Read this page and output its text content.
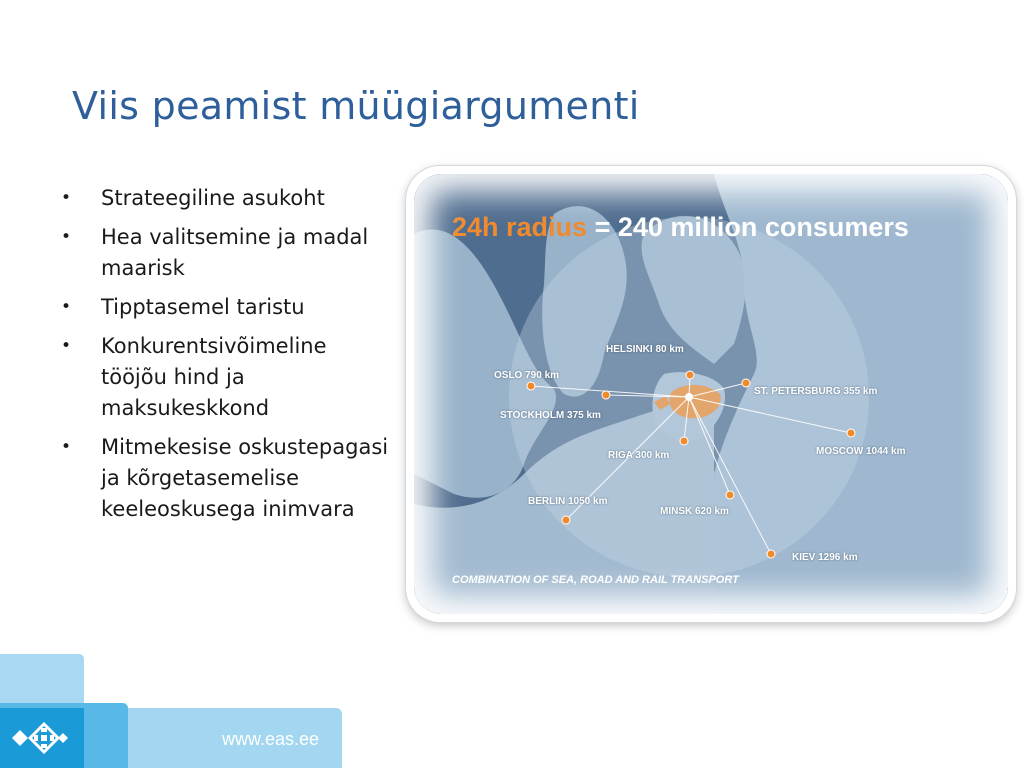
Viis peamist müügiargumenti
• Strateegiline asukoht
• Hea valitsemine ja madal maarisk
• Tipptasemel taristu
• Konkurentsivõimeline tööjõu hind ja maksukeskkond
• Mitmekesise oskustepagasi ja kõrgetasemelise keeleoskusega inimvara
24h radius = 240 million consumers
HELSINKI 80 km
OSLO 790 km
ST. PETERSBURG 355 km
STOCKHOLM 375 km
RIGA 300 km	MOSCOW 1044 km
BERLIN 1050 km
MINSK 620 km
KIEV 1296 km
COMBINATION OF SEA, ROAD AND RAIL TRANSPORT
www.eas.ee
